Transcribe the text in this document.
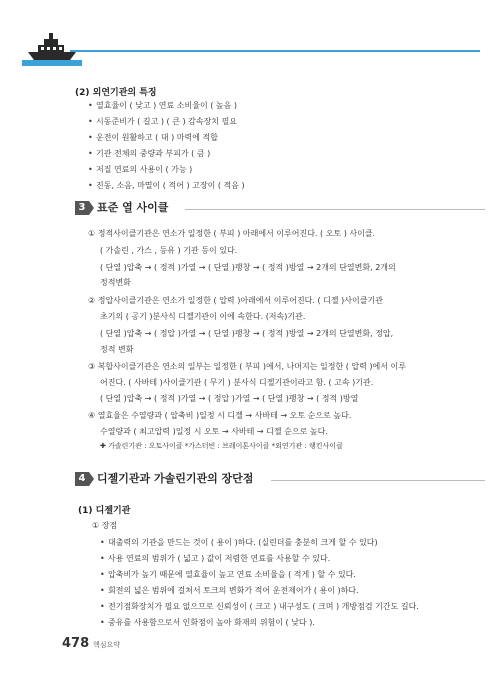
(2) 외연기관의 특징
• 열효율이 ( 낮고 ) 연료 소비율이 ( 높음 )
• 시동준비가 ( 길고 ) ( 큰 ) 감속장치 필요
• 운전이 원활하고 ( 대 ) 마력에 적합
• 기관 전체의 중량과 부피가 ( 큼 )
• 저질 연료의 사용이 ( 가능 )
• 진동, 소음, 마멸이 ( 적어 ) 고장이 ( 적음 )
3	표준 열 사이클
① 정적사이클기관은 연소가 일정한 ( 부피 ) 아래에서 이루어진다. ( 오토 ) 사이클.
( 가솔린 , 가스 , 등유 ) 기관 등이 있다.
( 단열 )압축 → ( 정적 )가열 → ( 단열 )팽창 → ( 정적 )방열 → 2개의 단열변화, 2개의
정적변화
② 정압사이클기관은 연소가 일정한 ( 압력 )아래에서 이루어진다. ( 디젤 )사이클기관
초기의 ( 공기 )분사식 디젤기관이 이에 속한다. (저속)기관.
( 단열 )압축 → ( 정압 )가열 → ( 단열 )팽창 → ( 정적 )방열 → 2개의 단열변화, 정압,
정적 변화
③ 복합사이클기관은 연소의 일부는 일정한 ( 부피 )에서, 나머지는 일정한 ( 압력 )에서 이루
어진다. ( 사바테 )사이클기관 ( 무기 ) 분사식 디젤기관이라고 함. ( 고속 )기관.
( 단열 )압축 → ( 정적 )가열 → ( 정압 )가열 → ( 단열 )팽창 → ( 정적 )방열
④ 열효율은 수열량과 ( 압축비 )일정 시 디젤 → 사바테 → 오토 순으로 높다.
수열량과 ( 최고압력 )일정 시 오토 → 사바테 → 디젤 순으로 높다.
✚ 가솔린기관 : 오토사이클 *가스터빈 : 브레이톤사이클 *외연기관 : 랭킨사이클
4	디젤기관과 가솔린기관의 장단점
(1) 디젤기관
① 장점
• 대출력의 기관을 만드는 것이 ( 용이 )하다. (실린더를 충분히 크게 할 수 있다)
• 사용 연료의 범위가 ( 넓고 ) 값이 저렴한 연료를 사용할 수 있다.
• 압축비가 높기 때문에 열효율이 높고 연료 소비율을 ( 적게 ) 할 수 있다.
• 회전의 넓은 범위에 걸쳐서 토크의 변화가 적어 운전제어가 ( 용이 )하다.
• 전기점화장치가 필요 없으므로 신뢰성이 ( 크고 ) 내구성도 ( 크며 ) 개방점검 기간도 길다.
• 중유를 사용함으로서 인화점이 높아 화재의 위험이 ( 낮다 ).
478 핵심요약
